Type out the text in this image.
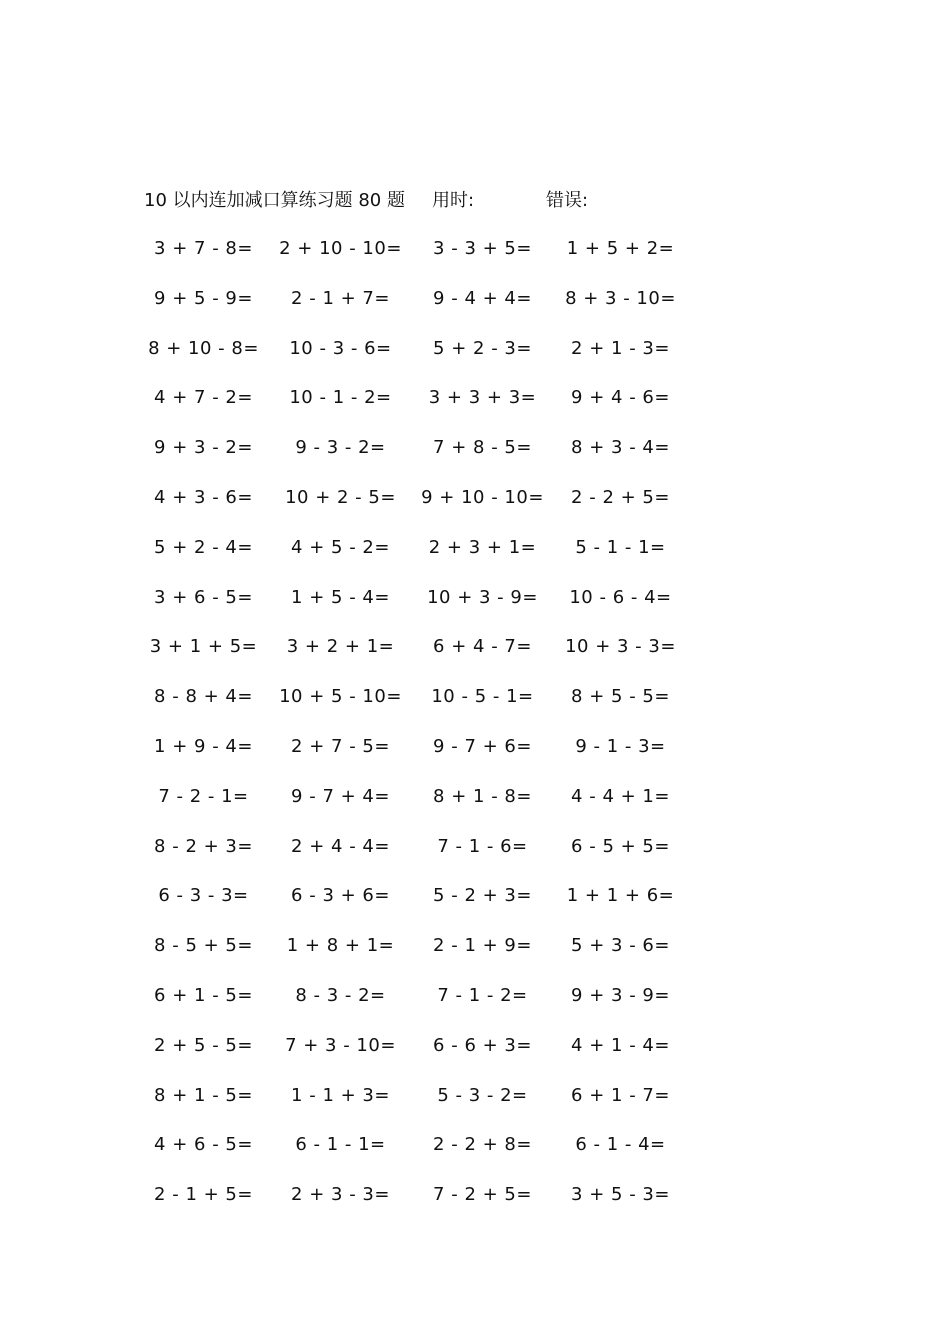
10 以内连加减口算练习题 80 题 用时:	错误:
3 + 7 - 8=	2 + 10 - 10=	3 - 3 + 5=	1 + 5 + 2=
9 + 5 - 9=	2 - 1 + 7=	9 - 4 + 4=	8 + 3 - 10=
8 + 10 - 8=	10 - 3 - 6=	5 + 2 - 3=	2 + 1 - 3=
4 + 7 - 2=	10 - 1 - 2=	3 + 3 + 3=	9 + 4 - 6=
9 + 3 - 2=	9 - 3 - 2=	7 + 8 - 5=	8 + 3 - 4=
4 + 3 - 6=	10 + 2 - 5=	9 + 10 - 10=	2 - 2 + 5=
5 + 2 - 4=	4 + 5 - 2=	2 + 3 + 1=	5 - 1 - 1=
3 + 6 - 5=	1 + 5 - 4=	10 + 3 - 9=	10 - 6 - 4=
3 + 1 + 5=	3 + 2 + 1=	6 + 4 - 7=	10 + 3 - 3=
8 - 8 + 4=	10 + 5 - 10=	10 - 5 - 1=	8 + 5 - 5=
1 + 9 - 4=	2 + 7 - 5=	9 - 7 + 6=	9 - 1 - 3=
7 - 2 - 1=	9 - 7 + 4=	8 + 1 - 8=	4 - 4 + 1=
8 - 2 + 3=	2 + 4 - 4=	7 - 1 - 6=	6 - 5 + 5=
6 - 3 - 3=	6 - 3 + 6=	5 - 2 + 3=	1 + 1 + 6=
8 - 5 + 5=	1 + 8 + 1=	2 - 1 + 9=	5 + 3 - 6=
6 + 1 - 5=	8 - 3 - 2=	7 - 1 - 2=	9 + 3 - 9=
2 + 5 - 5=	7 + 3 - 10=	6 - 6 + 3=	4 + 1 - 4=
8 + 1 - 5=	1 - 1 + 3=	5 - 3 - 2=	6 + 1 - 7=
4 + 6 - 5=	6 - 1 - 1=	2 - 2 + 8=	6 - 1 - 4=
2 - 1 + 5=	2 + 3 - 3=	7 - 2 + 5=	3 + 5 - 3=
